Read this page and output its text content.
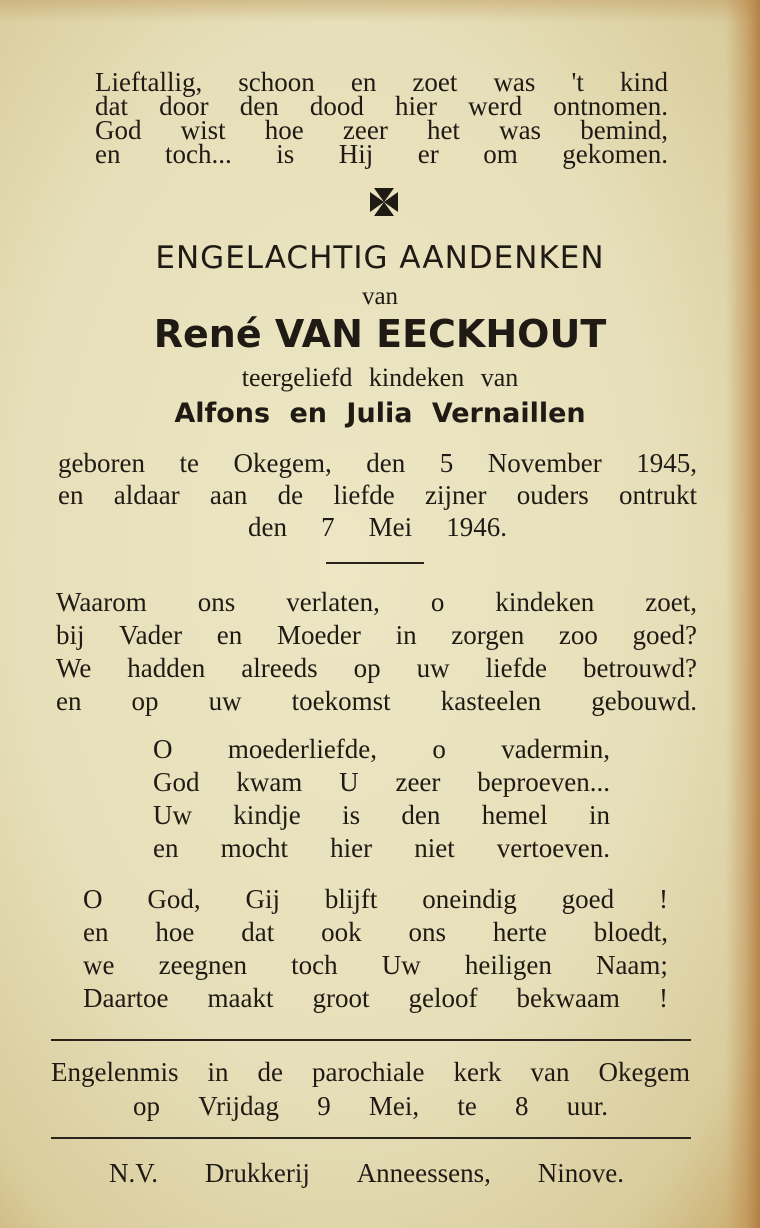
Lieftallig, schoon en zoet was 't kind
dat door den dood hier werd ontnomen.
God wist hoe zeer het was bemind,
en toch... is Hij er om gekomen.
ENGELACHTIG AANDENKEN
van
René VAN EECKHOUT
teergeliefd kindeken van
Alfons en Julia Vernaillen
geboren te Okegem, den 5 November 1945,
en aldaar aan de liefde zijner ouders ontrukt
den 7 Mei 1946.
Waarom ons verlaten, o kindeken zoet,
bij Vader en Moeder in zorgen zoo goed?
We hadden alreeds op uw liefde betrouwd?
en op uw toekomst kasteelen gebouwd.
O moederliefde, o vadermin,
God kwam U zeer beproeven...
Uw kindje is den hemel in
en mocht hier niet vertoeven.
O God, Gij blijft oneindig goed !
en hoe dat ook ons herte bloedt,
we zeegnen toch Uw heiligen Naam;
Daartoe maakt groot geloof bekwaam !
Engelenmis in de parochiale kerk van Okegem
op Vrijdag 9 Mei, te 8 uur.
N.V. Drukkerij Anneessens, Ninove.
